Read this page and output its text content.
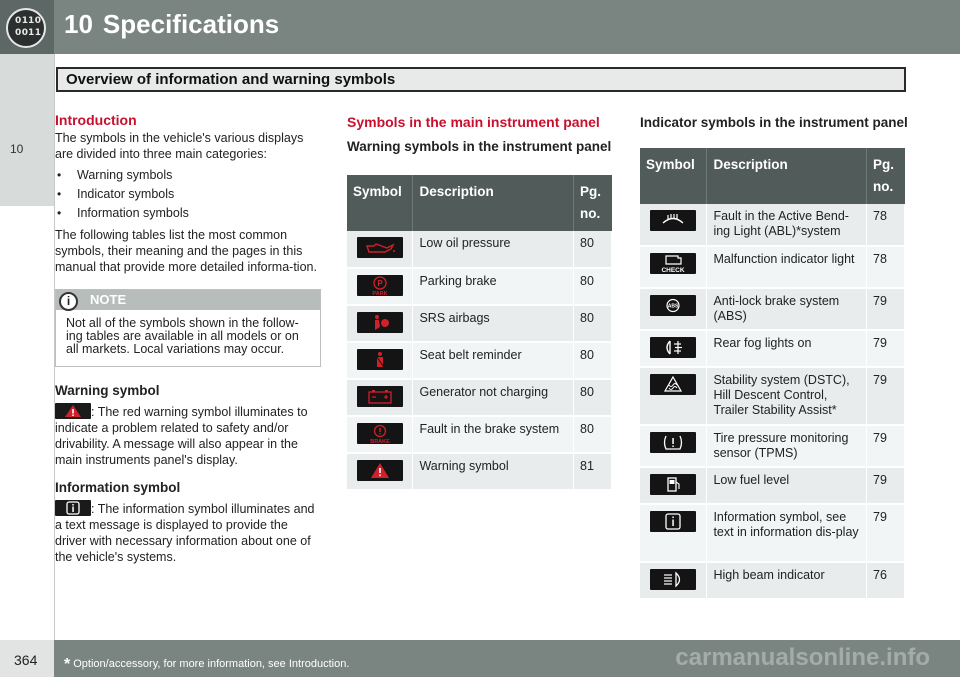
01 10
00 11 10 Specifications
10
Overview of information and warning symbols
Introduction

The symbols in the vehicle's various displays are divided into three main categories:

• Warning symbols
• Indicator symbols
• Information symbols

The following tables list the most common symbols, their meaning and the pages in this manual that provide more detailed informa-tion.

i	NOTE
Not all of the symbols shown in the follow-ing tables are available in all models or on all markets. Local variations may occur.
Warning symbol

: The red warning symbol illuminates to indicate a problem related to safety and/or drivability. A message will also appear in the main instruments panel's display.

Information symbol

: The information symbol illuminates and a text message is displayed to provide the driver with necessary information about one of the vehicle's systems.

Symbols in the main instrument panel
Warning symbols in the instrument panel
Symbol	Description	Pg. no.

	Low oil pressure	80

P
PARK	Parking brake	80

	SRS airbags	80

	Seat belt reminder	80

	Generator not charging	80

BRAKE	Fault in the brake system	80

	Warning symbol	81
Indicator symbols in the instrument panel
Symbol	Description	Pg. no.

	Fault in the Active Bend-ing Light (ABL)*system	78

CHECK	Malfunction indicator light	78

ABS	Anti-lock brake system (ABS)	79

	Rear fog lights on	79

	Stability system (DSTC), Hill Descent Control, Trailer Stability Assist*	79

	Tire pressure monitoring sensor (TPMS)	79

	Low fuel level	79

	Information symbol, see text in information dis-play	79

	High beam indicator	76
364 * Option/accessory, for more information, see Introduction.	carmanualsonline.info
